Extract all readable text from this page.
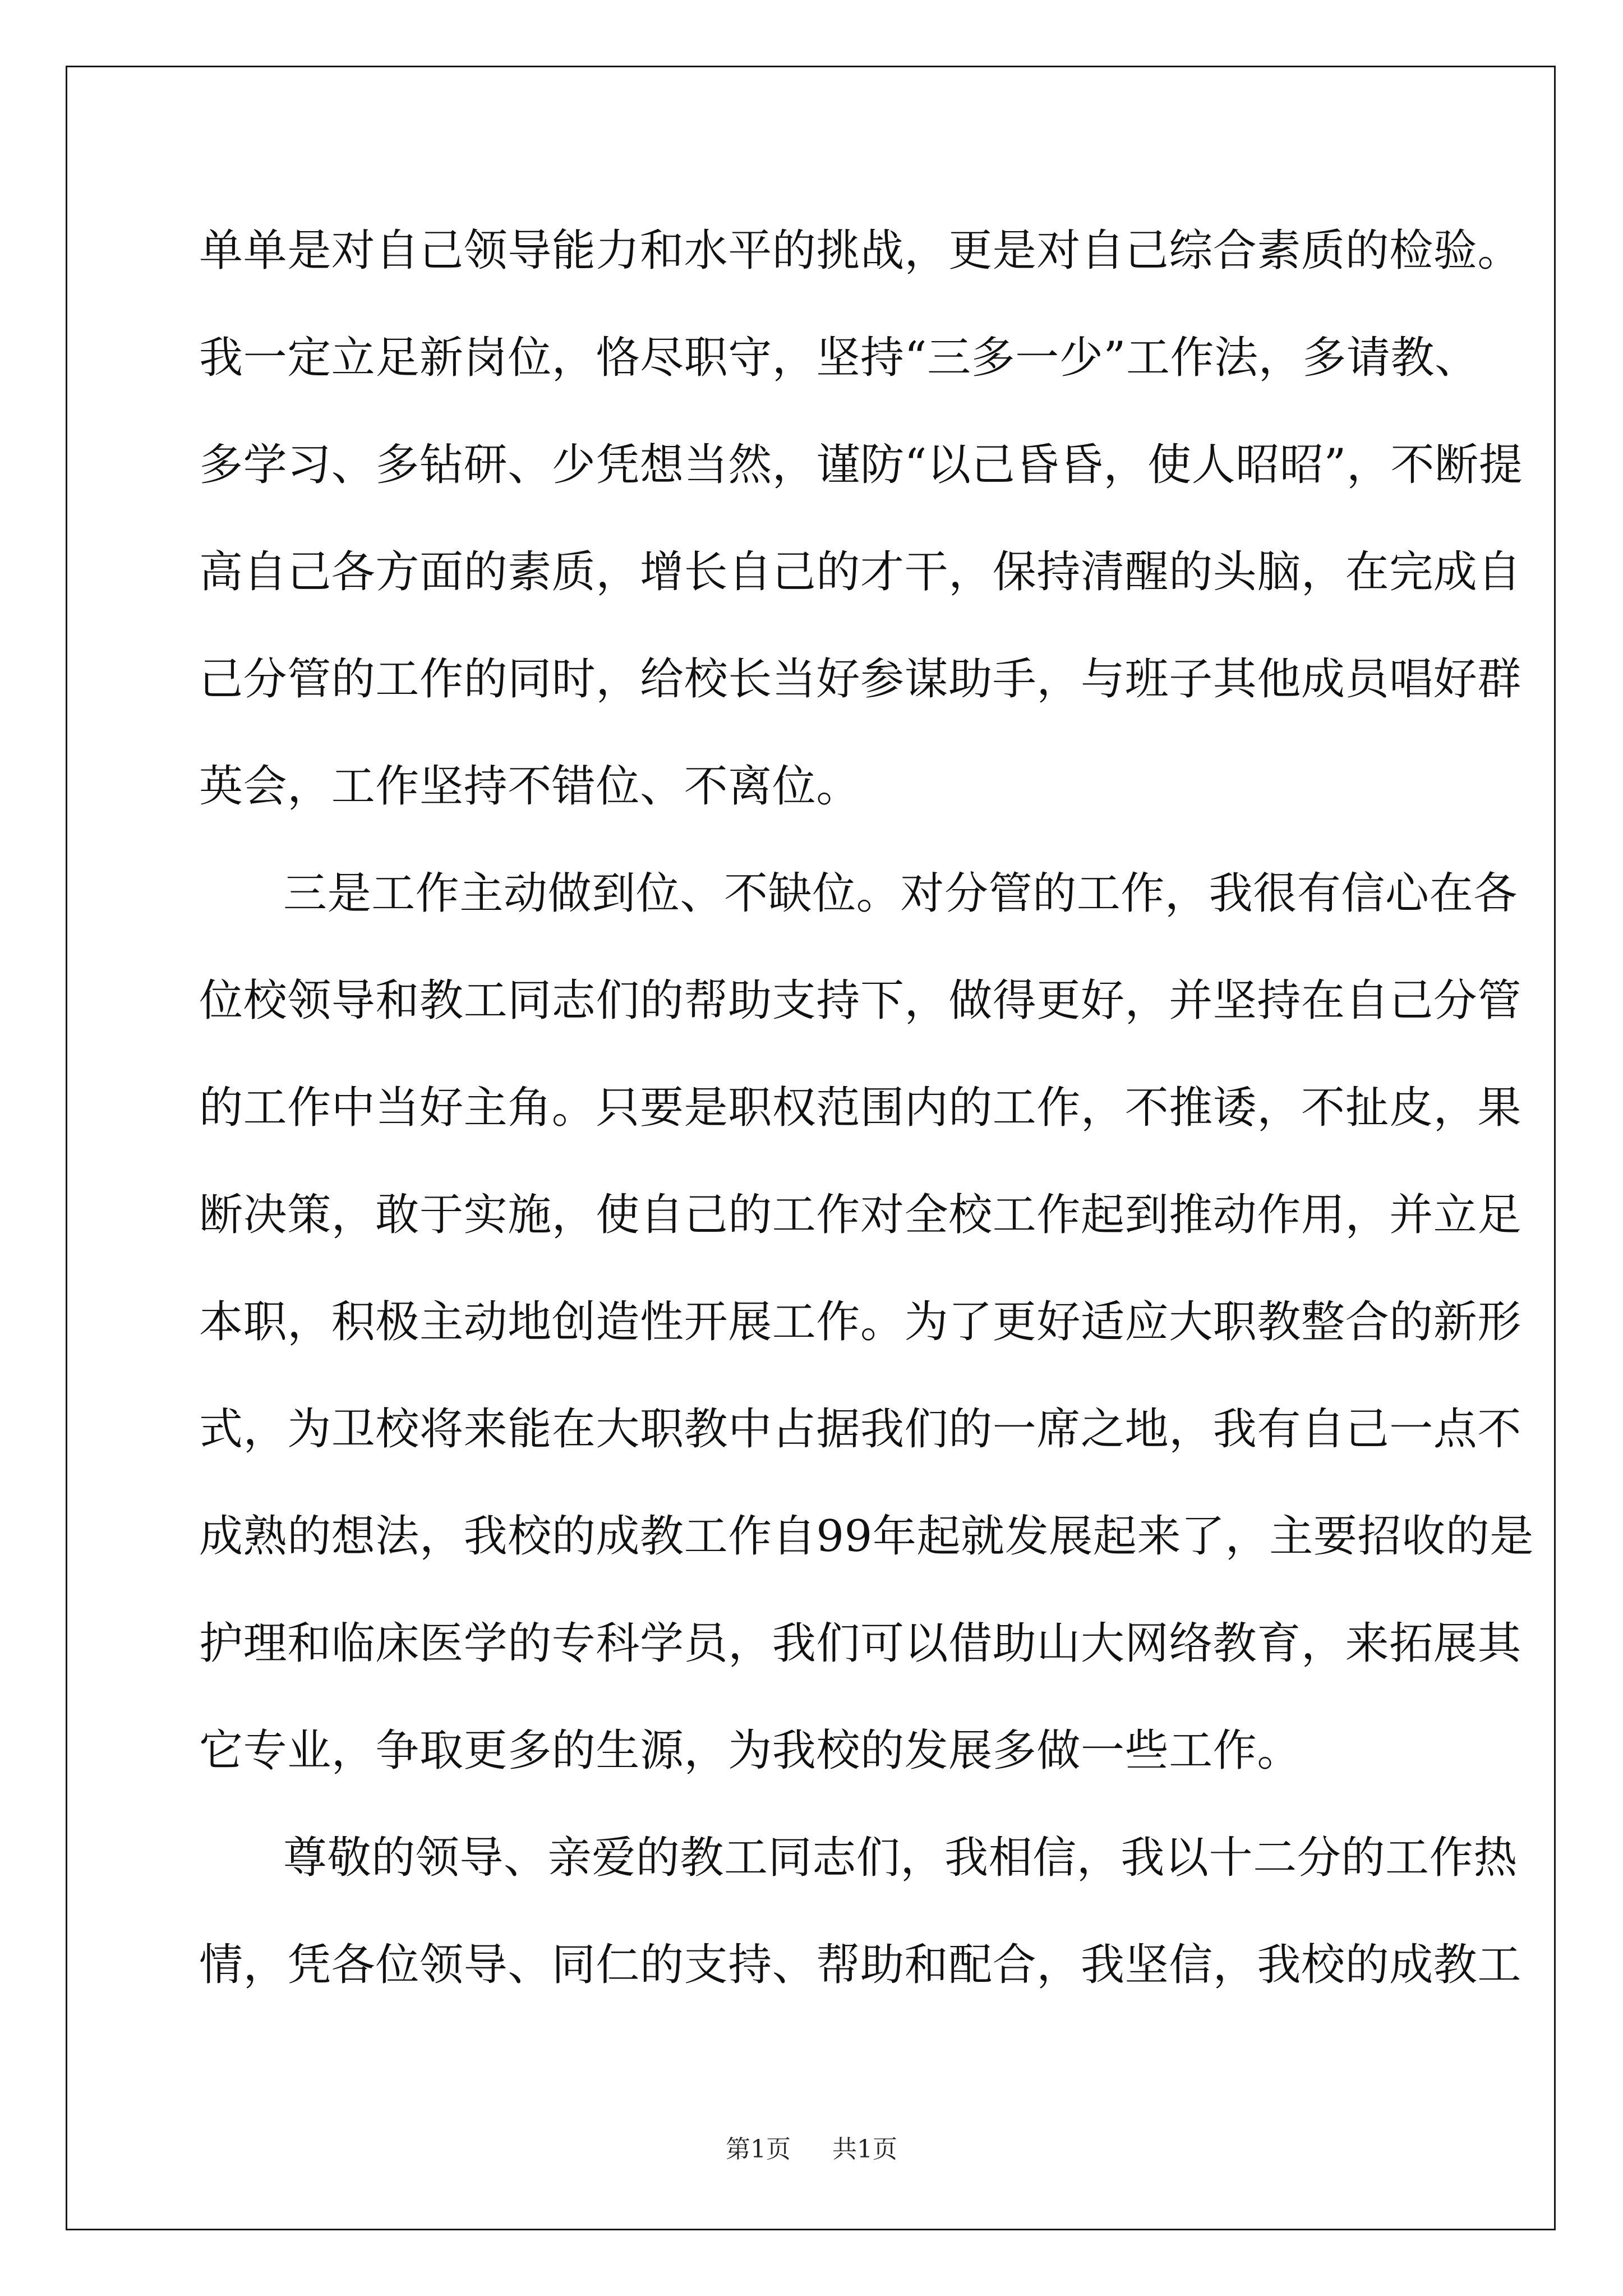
单单是对自己领导能力和水平的挑战，更是对自己综合素质的检验。
我一定立足新岗位，恪尽职守，坚持“三多一少”工作法，多请教、
多学习、多钻研、少凭想当然，谨防“以己昏昏，使人昭昭”，不断提
高自己各方面的素质，增长自己的才干，保持清醒的头脑，在完成自
己分管的工作的同时，给校长当好参谋助手，与班子其他成员唱好群
英会，工作坚持不错位、不离位。
三是工作主动做到位、不缺位。对分管的工作，我很有信心在各
位校领导和教工同志们的帮助支持下，做得更好，并坚持在自己分管
的工作中当好主角。只要是职权范围内的工作，不推诿，不扯皮，果
断决策，敢于实施，使自己的工作对全校工作起到推动作用，并立足
本职，积极主动地创造性开展工作。为了更好适应大职教整合的新形
式，为卫校将来能在大职教中占据我们的一席之地，我有自己一点不
成熟的想法，我校的成教工作自99年起就发展起来了，主要招收的是
护理和临床医学的专科学员，我们可以借助山大网络教育，来拓展其
它专业，争取更多的生源，为我校的发展多做一些工作。
尊敬的领导、亲爱的教工同志们，我相信，我以十二分的工作热
情，凭各位领导、同仁的支持、帮助和配合，我坚信，我校的成教工
第1页 共1页
